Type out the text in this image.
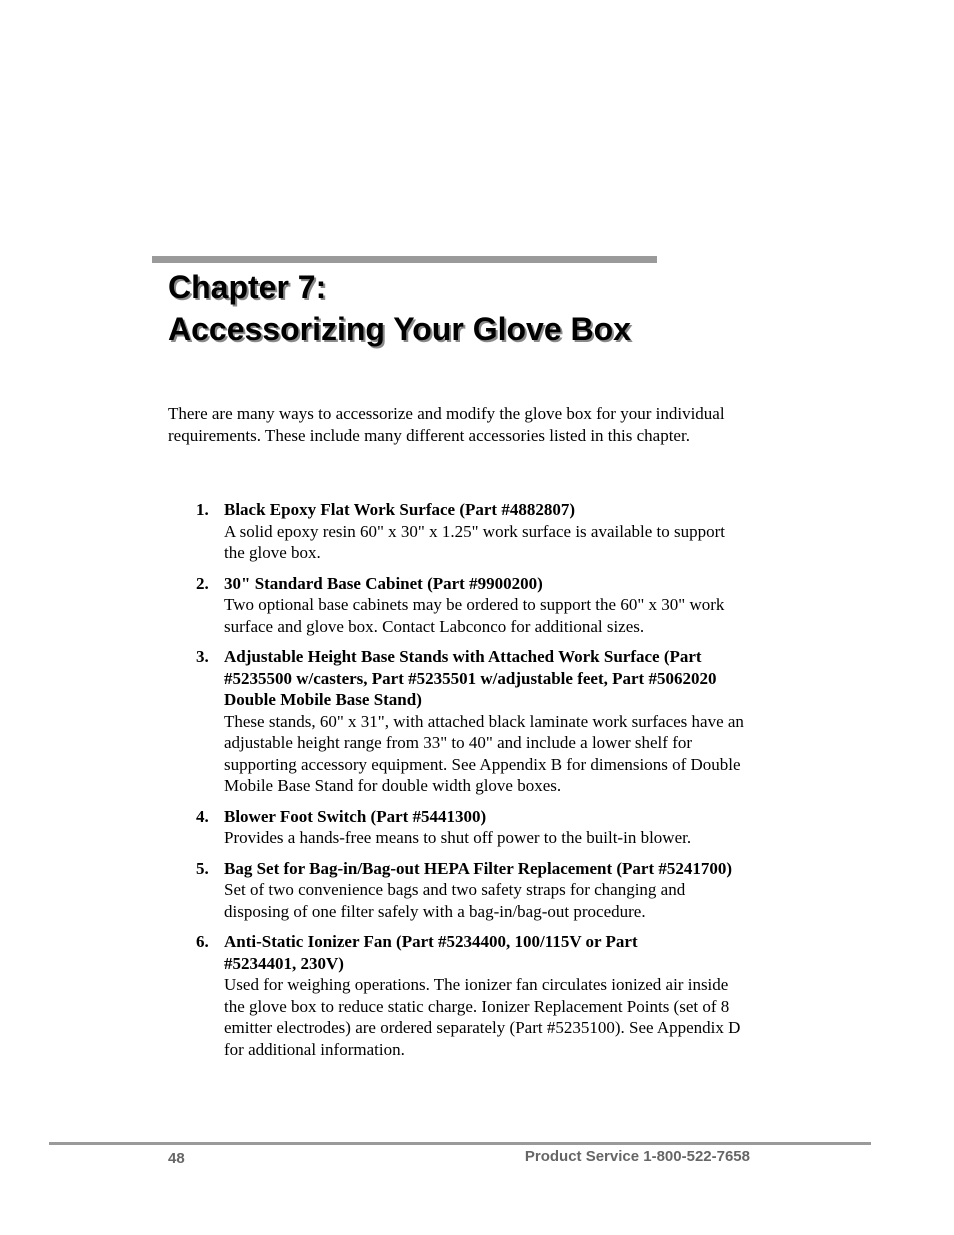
Chapter 7:
Accessorizing Your Glove Box

There are many ways to accessorize and modify the glove box for your individual requirements. These include many different accessories listed in this chapter.

1. Black Epoxy Flat Work Surface (Part #4882807)
A solid epoxy resin 60" x 30" x 1.25" work surface is available to support the glove box.
2. 30" Standard Base Cabinet (Part #9900200)
Two optional base cabinets may be ordered to support the 60" x 30" work surface and glove box. Contact Labconco for additional sizes.
3. Adjustable Height Base Stands with Attached Work Surface (Part #5235500 w/casters, Part #5235501 w/adjustable feet, Part #5062020 Double Mobile Base Stand)
These stands, 60" x 31", with attached black laminate work surfaces have an adjustable height range from 33" to 40" and include a lower shelf for supporting accessory equipment. See Appendix B for dimensions of Double Mobile Base Stand for double width glove boxes.
4. Blower Foot Switch (Part #5441300)
Provides a hands-free means to shut off power to the built-in blower.
5. Bag Set for Bag-in/Bag-out HEPA Filter Replacement (Part #5241700)
Set of two convenience bags and two safety straps for changing and disposing of one filter safely with a bag-in/bag-out procedure.
6. Anti-Static Ionizer Fan (Part #5234400, 100/115V or Part #5234401, 230V)
Used for weighing operations. The ionizer fan circulates ionized air inside the glove box to reduce static charge. Ionizer Replacement Points (set of 8 emitter electrodes) are ordered separately (Part #5235100). See Appendix D for additional information.
48	Product Service 1-800-522-7658
